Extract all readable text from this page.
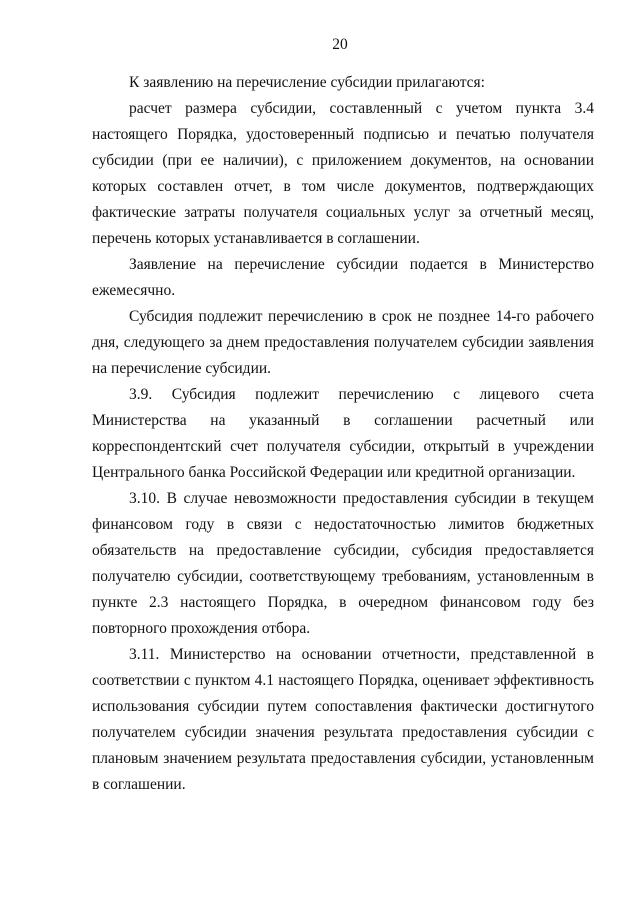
20

К заявлению на перечисление субсидии прилагаются:

расчет размера субсидии, составленный с учетом пункта 3.4 настоящего Порядка, удостоверенный подписью и печатью получателя субсидии (при ее наличии), с приложением документов, на основании которых составлен отчет, в том числе документов, подтверждающих фактические затраты получателя социальных услуг за отчетный месяц, перечень которых устанавливается в соглашении.

Заявление на перечисление субсидии подается в Министерство ежемесячно.

Субсидия подлежит перечислению в срок не позднее 14-го рабочего дня, следующего за днем предоставления получателем субсидии заявления на перечисление субсидии.

3.9. Субсидия подлежит перечислению с лицевого счета Министерства на указанный в соглашении расчетный или корреспондентский счет получателя субсидии, открытый в учреждении Центрального банка Российской Федерации или кредитной организации.

3.10. В случае невозможности предоставления субсидии в текущем финансовом году в связи с недостаточностью лимитов бюджетных обязательств на предоставление субсидии, субсидия предоставляется получателю субсидии, соответствующему требованиям, установленным в пункте 2.3 настоящего Порядка, в очередном финансовом году без повторного прохождения отбора.

3.11. Министерство на основании отчетности, представленной в соответствии с пунктом 4.1 настоящего Порядка, оценивает эффективность использования субсидии путем сопоставления фактически достигнутого получателем субсидии значения результата предоставления субсидии с плановым значением результата предоставления субсидии, установленным в соглашении.
